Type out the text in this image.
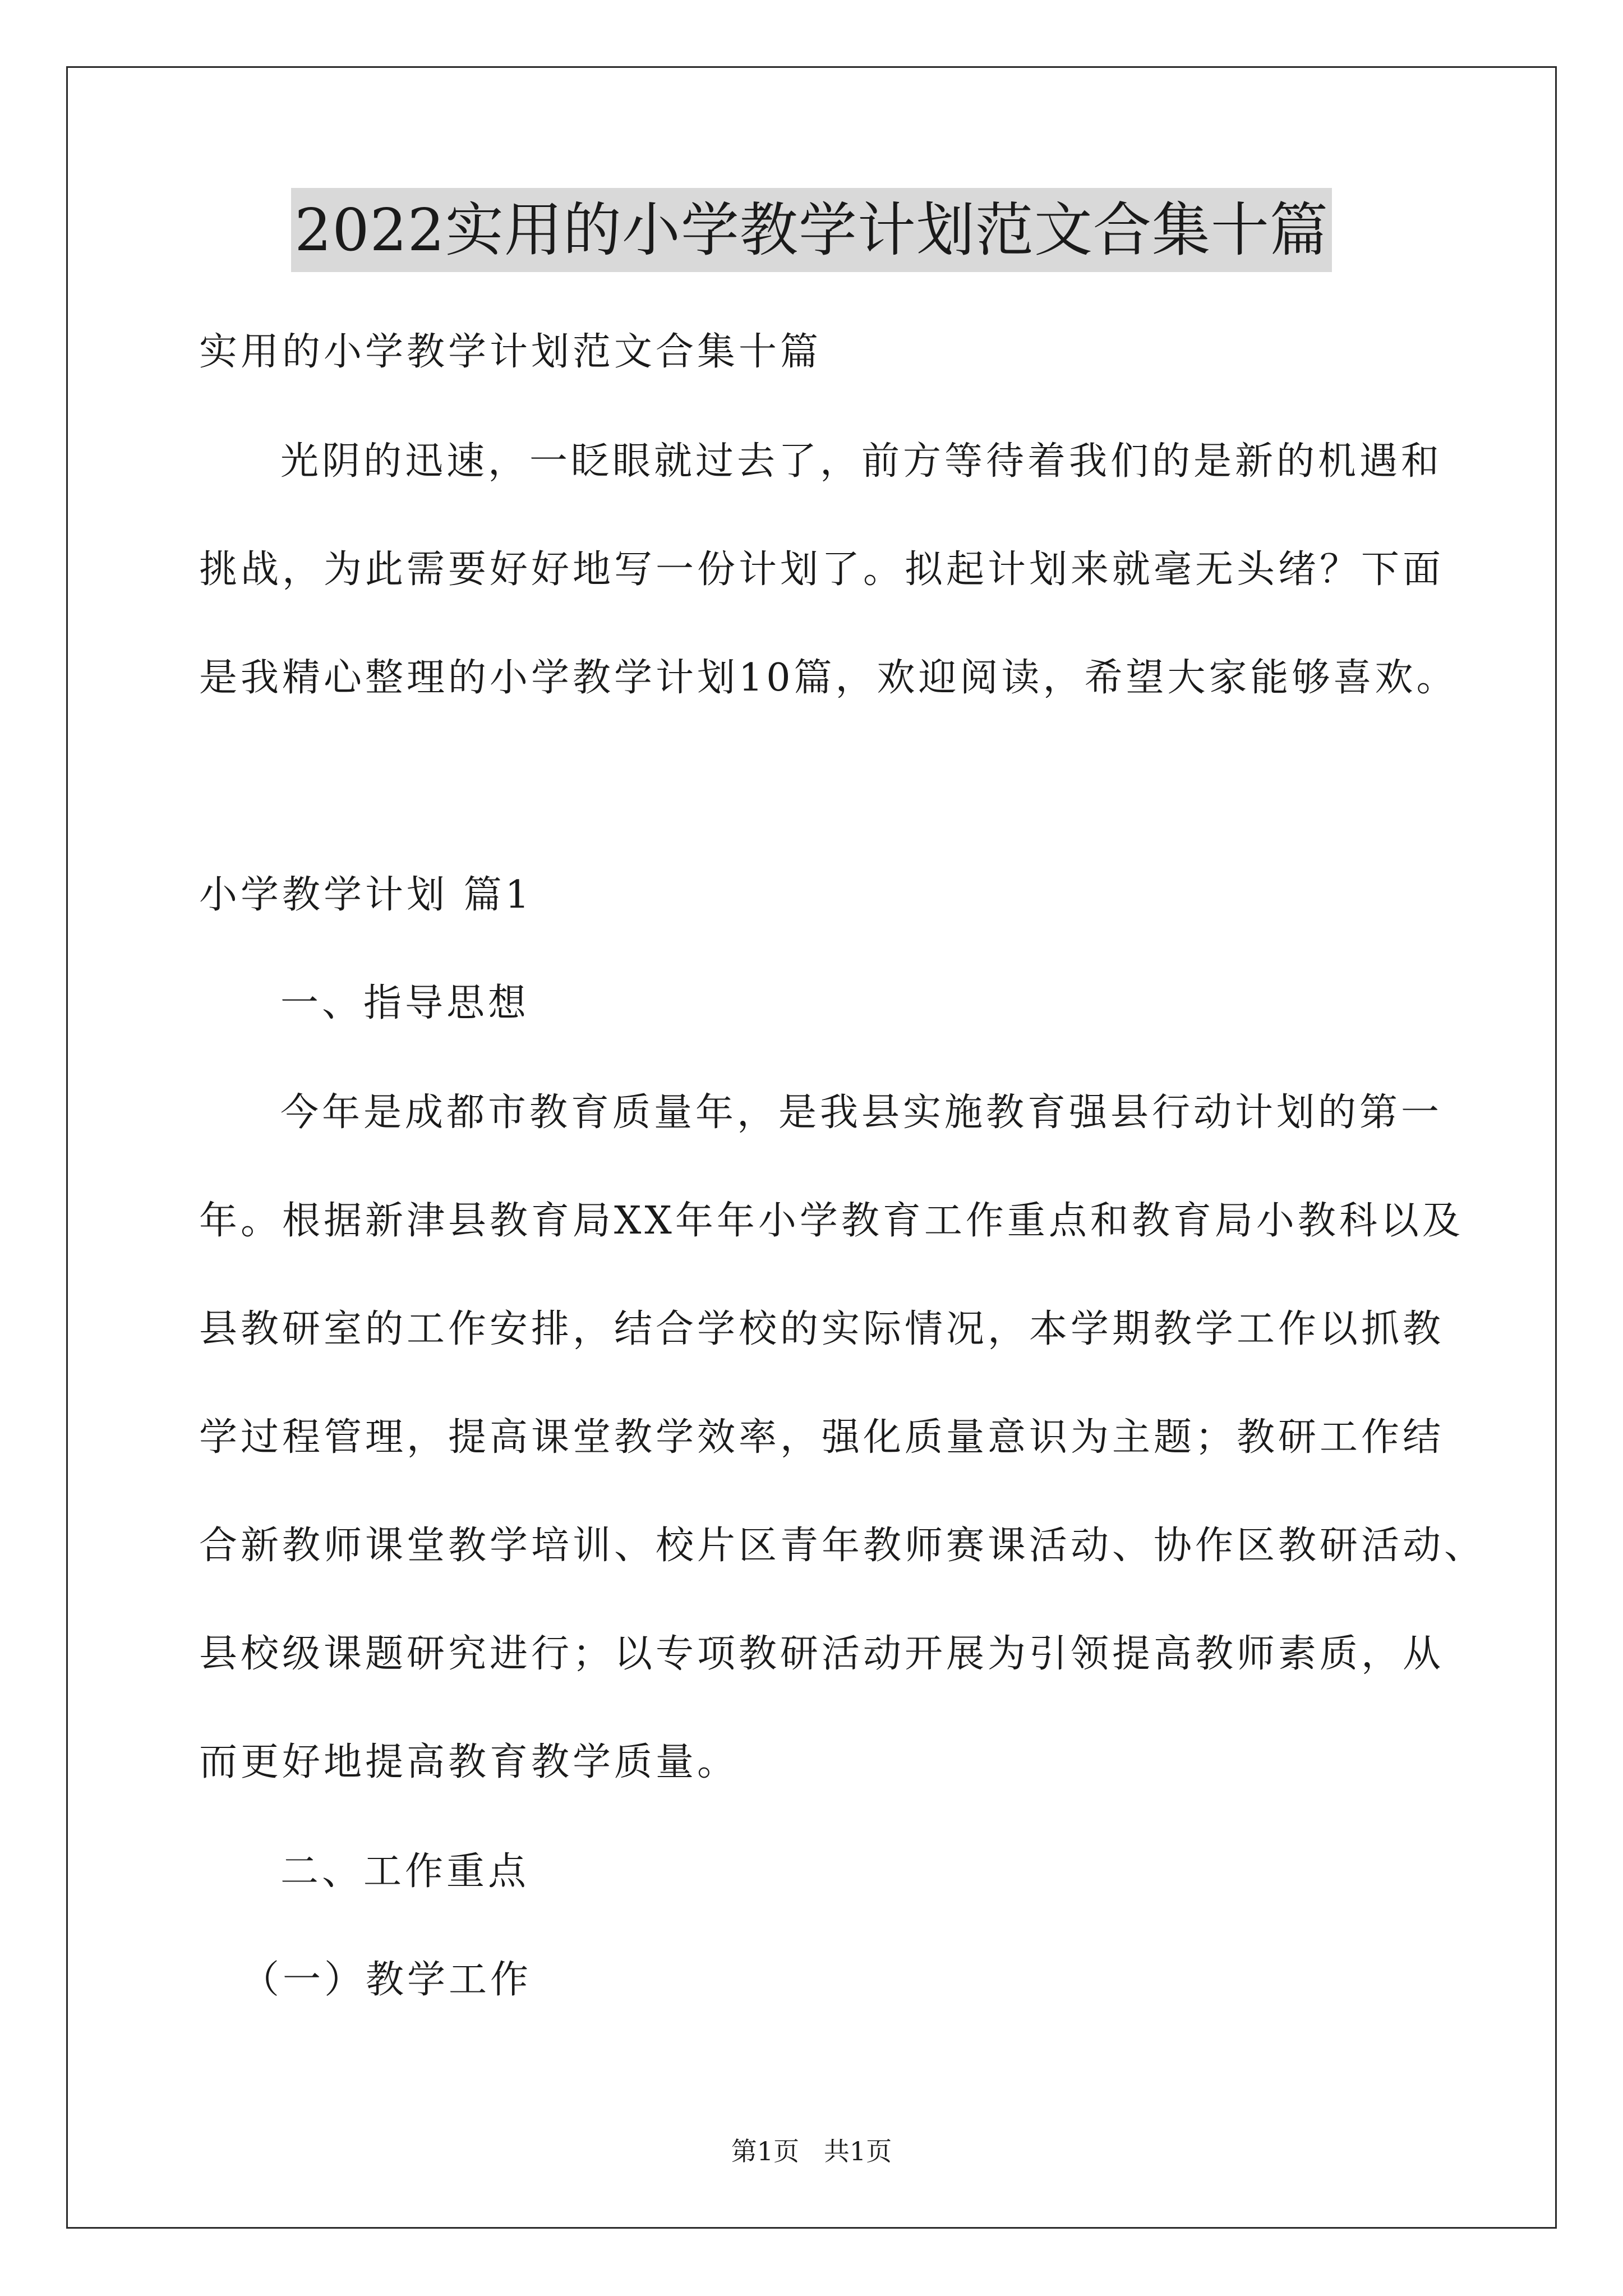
2022实用的小学教学计划范文合集十篇
实用的小学教学计划范文合集十篇
光阴的迅速，一眨眼就过去了，前方等待着我们的是新的机遇和
挑战，为此需要好好地写一份计划了。拟起计划来就毫无头绪？下面
是我精心整理的小学教学计划10篇，欢迎阅读，希望大家能够喜欢。
小学教学计划 篇1
一、指导思想
今年是成都市教育质量年，是我县实施教育强县行动计划的第一
年。根据新津县教育局XX年年小学教育工作重点和教育局小教科以及
县教研室的工作安排，结合学校的实际情况，本学期教学工作以抓教
学过程管理，提高课堂教学效率，强化质量意识为主题；教研工作结
合新教师课堂教学培训、校片区青年教师赛课活动、协作区教研活动、
县校级课题研究进行；以专项教研活动开展为引领提高教师素质，从
而更好地提高教育教学质量。
二、工作重点
（一）教学工作
第1页   共1页
